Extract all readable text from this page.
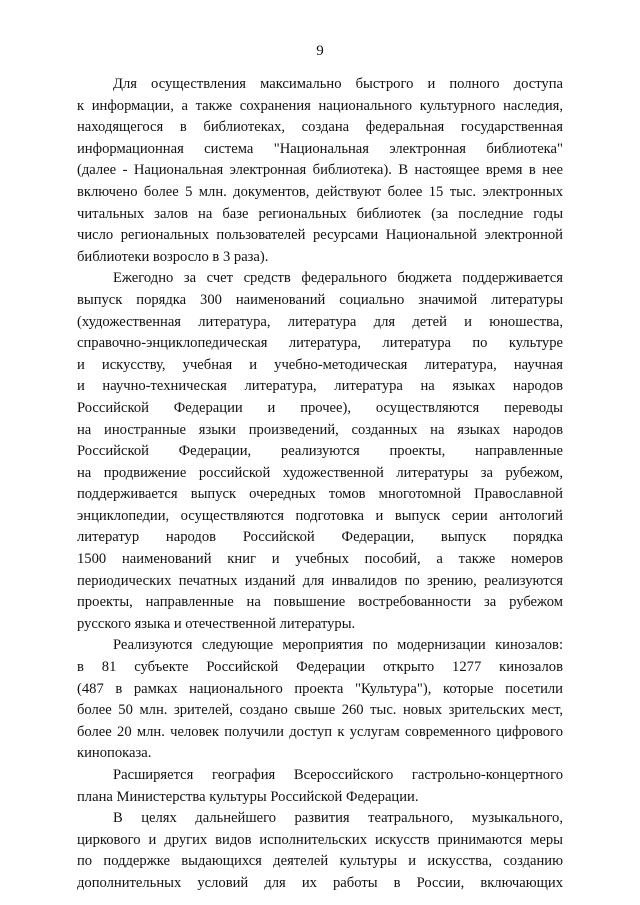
9
Для осуществления максимально быстрого и полного доступа
к информации, а также сохранения национального культурного наследия,
находящегося в библиотеках, создана федеральная государственная
информационная система "Национальная электронная библиотека"
(далее - Национальная электронная библиотека). В настоящее время в нее
включено более 5 млн. документов, действуют более 15 тыс. электронных
читальных залов на базе региональных библиотек (за последние годы
число региональных пользователей ресурсами Национальной электронной
библиотеки возросло в 3 раза).
Ежегодно за счет средств федерального бюджета поддерживается
выпуск порядка 300 наименований социально значимой литературы
(художественная литература, литература для детей и юношества,
справочно-энциклопедическая литература, литература по культуре
и искусству, учебная и учебно-методическая литература, научная
и научно-техническая литература, литература на языках народов
Российской Федерации и прочее), осуществляются переводы
на иностранные языки произведений, созданных на языках народов
Российской Федерации, реализуются проекты, направленные
на продвижение российской художественной литературы за рубежом,
поддерживается выпуск очередных томов многотомной Православной
энциклопедии, осуществляются подготовка и выпуск серии антологий
литератур народов Российской Федерации, выпуск порядка
1500 наименований книг и учебных пособий, а также номеров
периодических печатных изданий для инвалидов по зрению, реализуются
проекты, направленные на повышение востребованности за рубежом
русского языка и отечественной литературы.
Реализуются следующие мероприятия по модернизации кинозалов:
в 81 субъекте Российской Федерации открыто 1277 кинозалов
(487 в рамках национального проекта "Культура"), которые посетили
более 50 млн. зрителей, создано свыше 260 тыс. новых зрительских мест,
более 20 млн. человек получили доступ к услугам современного цифрового
кинопоказа.
Расширяется география Всероссийского гастрольно-концертного
плана Министерства культуры Российской Федерации.
В целях дальнейшего развития театрального, музыкального,
циркового и других видов исполнительских искусств принимаются меры
по поддержке выдающихся деятелей культуры и искусства, созданию
дополнительных условий для их работы в России, включающих
